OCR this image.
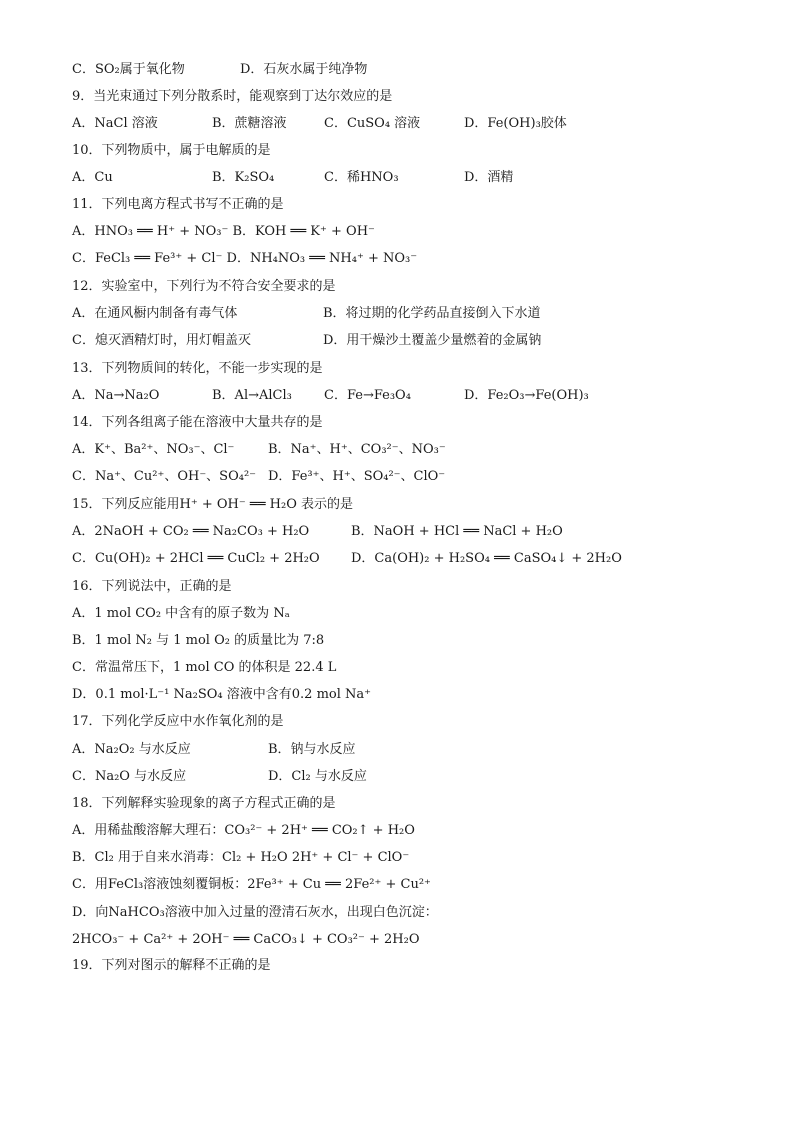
C．SO₂属于氧化物	D．石灰水属于纯净物
9．当光束通过下列分散系时，能观察到丁达尔效应的是
A．NaCl 溶液	B．蔗糖溶液	C．CuSO₄ 溶液	D．Fe(OH)₃胶体
10．下列物质中，属于电解质的是
A．Cu	B．K₂SO₄	C．稀HNO₃	D．酒精
11．下列电离方程式书写不正确的是
A．HNO₃ ══ H⁺ + NO₃⁻ B．KOH ══ K⁺ + OH⁻
C．FeCl₃ ══ Fe³⁺ + Cl⁻ D．NH₄NO₃ ══ NH₄⁺ + NO₃⁻
12．实验室中，下列行为不符合安全要求的是
A．在通风橱内制备有毒气体	B．将过期的化学药品直接倒入下水道
C．熄灭酒精灯时，用灯帽盖灭	D．用干燥沙土覆盖少量燃着的金属钠
13．下列物质间的转化，不能一步实现的是
A．Na→Na₂O	B．Al→AlCl₃ C．Fe→Fe₃O₄	D．Fe₂O₃→Fe(OH)₃
14．下列各组离子能在溶液中大量共存的是
A．K⁺、Ba²⁺、NO₃⁻、Cl⁻	B．Na⁺、H⁺、CO₃²⁻、NO₃⁻
C．Na⁺、Cu²⁺、OH⁻、SO₄²⁻ D．Fe³⁺、H⁺、SO₄²⁻、ClO⁻
15．下列反应能用H⁺ + OH⁻ ══ H₂O 表示的是
A．2NaOH + CO₂ ══ Na₂CO₃ + H₂O	B．NaOH + HCl ══ NaCl + H₂O
C．Cu(OH)₂ + 2HCl ══ CuCl₂ + 2H₂O D．Ca(OH)₂ + H₂SO₄ ══ CaSO₄↓ + 2H₂O
16．下列说法中，正确的是
A．1 mol CO₂ 中含有的原子数为 Nₐ
B．1 mol N₂ 与 1 mol O₂ 的质量比为 7:8
C．常温常压下，1 mol CO 的体积是 22.4 L
D．0.1 mol·L⁻¹ Na₂SO₄ 溶液中含有0.2 mol Na⁺
17．下列化学反应中水作氧化剂的是
A．Na₂O₂ 与水反应	B．钠与水反应
C．Na₂O 与水反应	D．Cl₂ 与水反应
18．下列解释实验现象的离子方程式正确的是
A．用稀盐酸溶解大理石：CO₃²⁻ + 2H⁺ ══ CO₂↑ + H₂O
B．Cl₂ 用于自来水消毒：Cl₂ + H₂O 2H⁺ + Cl⁻ + ClO⁻
C．用FeCl₃溶液蚀刻覆铜板：2Fe³⁺ + Cu ══ 2Fe²⁺ + Cu²⁺
D．向NaHCO₃溶液中加入过量的澄清石灰水，出现白色沉淀：
2HCO₃⁻ + Ca²⁺ + 2OH⁻ ══ CaCO₃↓ + CO₃²⁻ + 2H₂O
19．下列对图示的解释不正确的是
